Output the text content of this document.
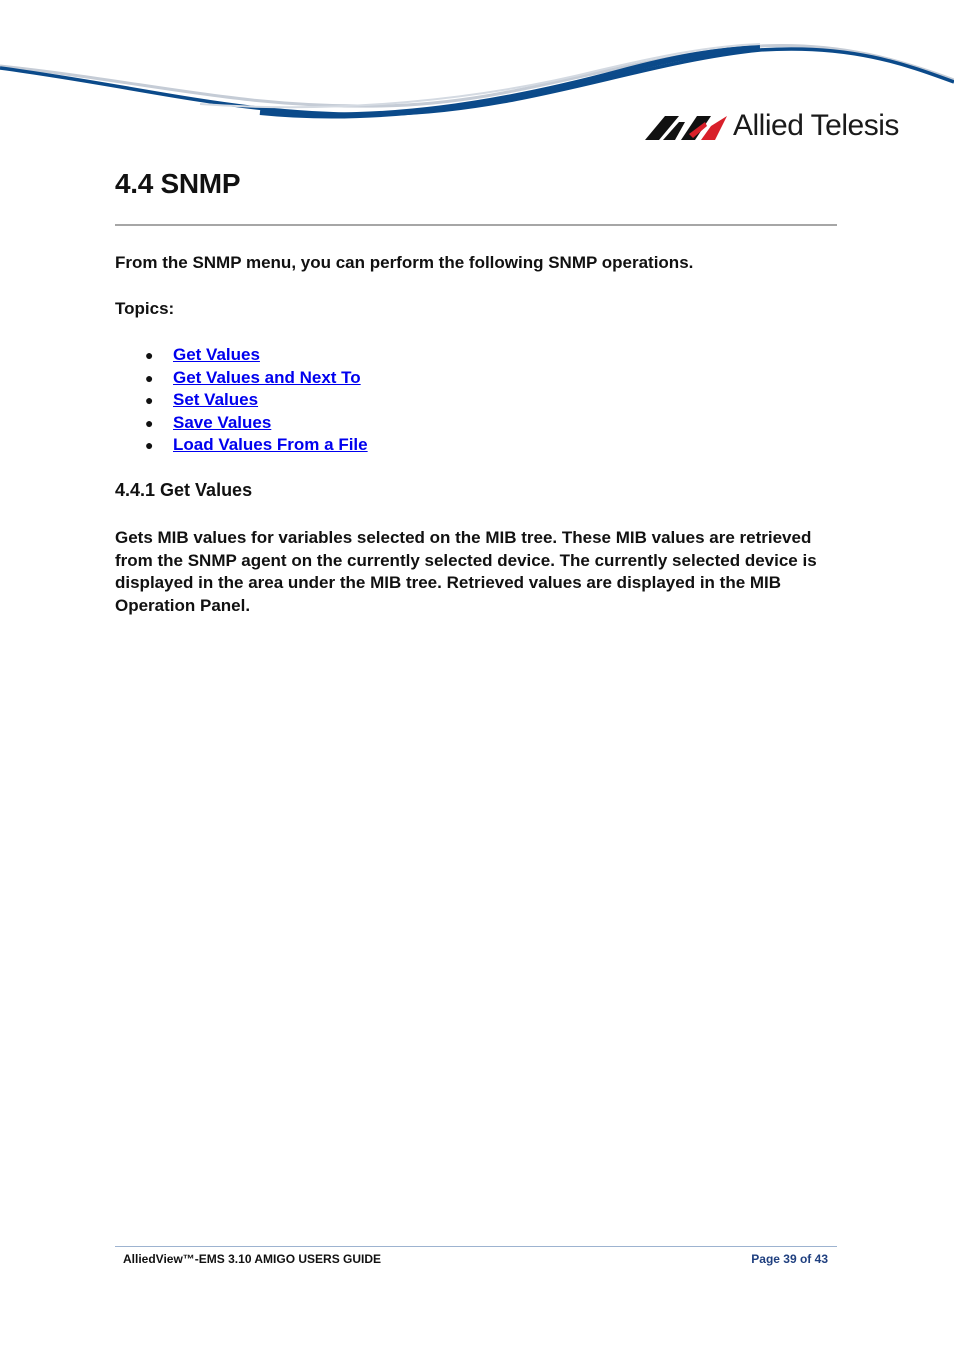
Allied Telesis
4.4 SNMP

From the SNMP menu, you can perform the following SNMP operations.

Topics:

● Get Values
● Get Values and Next To
● Set Values
● Save Values
● Load Values From a File
4.4.1 Get Values

Gets MIB values for variables selected on the MIB tree. These MIB values are retrieved from the SNMP agent on the currently selected device. The currently selected device is displayed in the area under the MIB tree. Retrieved values are displayed in the MIB Operation Panel.

AlliedView™-EMS 3.10 AMIGO USERS GUIDE	Page 39 of 43
